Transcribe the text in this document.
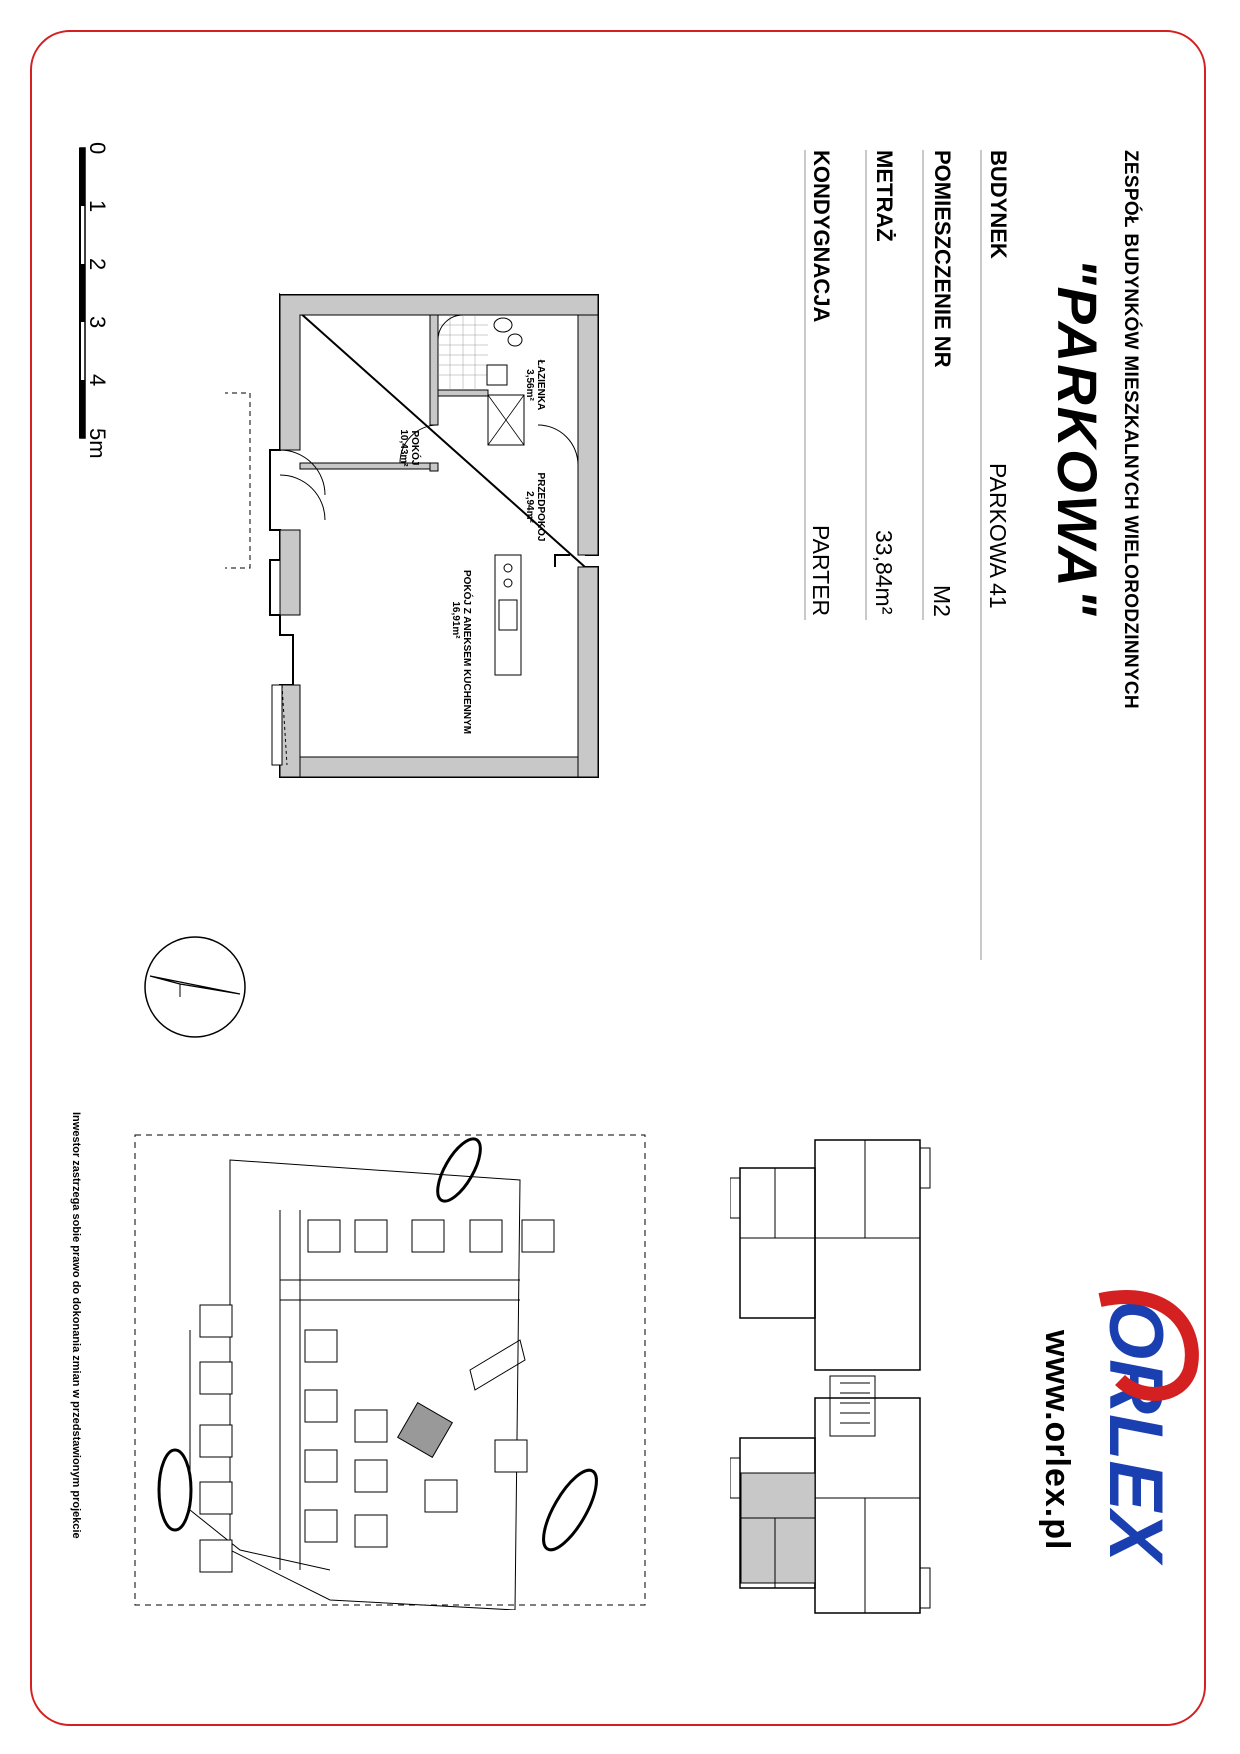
ZESPÓŁ BUDYNKÓW MIESZKALNYCH WIELORODZINNYCH
"PARKOWA"
BUDYNEK
PARKOWA 41
POMIESZCZENIE NR
M2
METRAŻ
33,84m²
KONDYGNACJA
PARTER
0
1
2
3
4
5m	POKÓJ
10,43m²
ŁAZIENKA
3,56m²
PRZEDPOKÓJ
2,94m²
POKÓJ Z ANEKSEM KUCHENNYM
16,91m²
Inwestor zastrzega sobie prawo do dokonania zmian w przedstawionym projekcie	ORLEX
www.orlex.pl
